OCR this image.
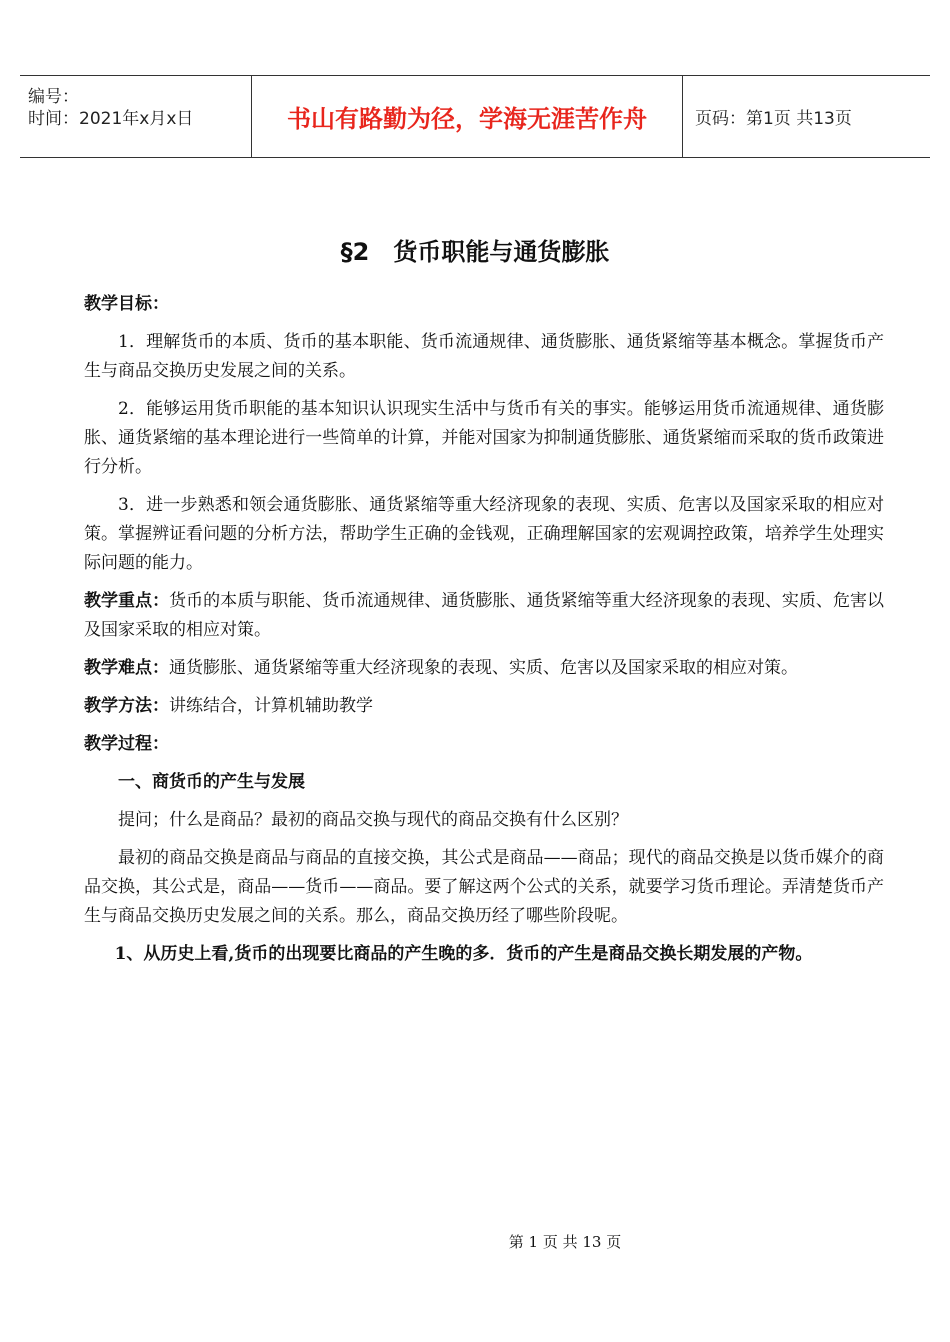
编号：
时间：2021年x月x日	书山有路勤为径，学海无涯苦作舟	页码：第1页 共13页
§2　货币职能与通货膨胀

教学目标：

1．理解货币的本质、货币的基本职能、货币流通规律、通货膨胀、通货紧缩等基本概念。掌握货币产生与商品交换历史发展之间的关系。

2．能够运用货币职能的基本知识认识现实生活中与货币有关的事实。能够运用货币流通规律、通货膨胀、通货紧缩的基本理论进行一些简单的计算，并能对国家为抑制通货膨胀、通货紧缩而采取的货币政策进行分析。

3．进一步熟悉和领会通货膨胀、通货紧缩等重大经济现象的表现、实质、危害以及国家采取的相应对策。掌握辨证看问题的分析方法，帮助学生正确的金钱观，正确理解国家的宏观调控政策，培养学生处理实际问题的能力。

教学重点：货币的本质与职能、货币流通规律、通货膨胀、通货紧缩等重大经济现象的表现、实质、危害以及国家采取的相应对策。

教学难点：通货膨胀、通货紧缩等重大经济现象的表现、实质、危害以及国家采取的相应对策。

教学方法：讲练结合，计算机辅助教学

教学过程：

一、商货币的产生与发展

提问；什么是商品？最初的商品交换与现代的商品交换有什么区别？

最初的商品交换是商品与商品的直接交换，其公式是商品——商品；现代的商品交换是以货币媒介的商品交换，其公式是，商品——货币——商品。要了解这两个公式的关系，就要学习货币理论。弄清楚货币产生与商品交换历史发展之间的关系。那么，商品交换历经了哪些阶段呢。

1、从历史上看,货币的出现要比商品的产生晚的多．货币的产生是商品交换长期发展的产物。

第 1 页 共 13 页
